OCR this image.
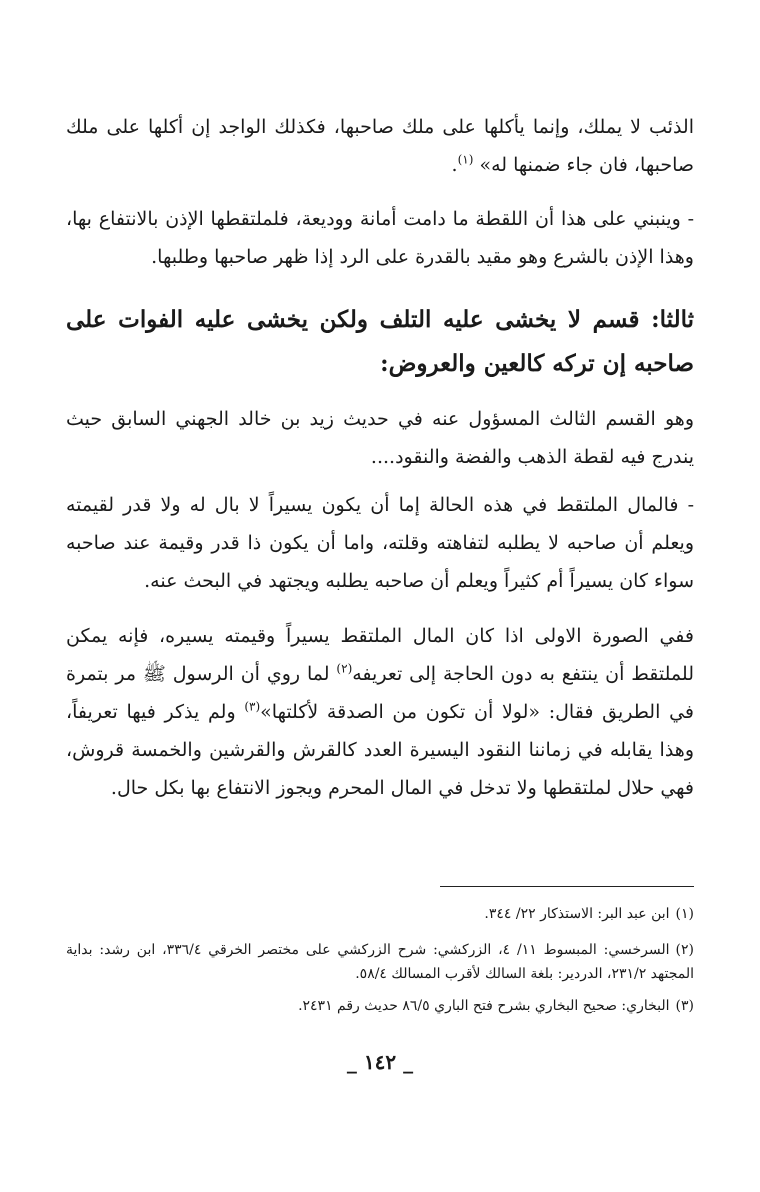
الذئب لا يملك، وإنما يأكلها على ملك صاحبها، فكذلك الواجد إن أكلها على ملك صاحبها، فان جاء ضمنها له» $^{(١)}$.

- وينبني على هذا أن اللقطة ما دامت أمانة ووديعة، فلملتقطها الإذن بالانتفاع بها، وهذا الإذن بالشرع وهو مقيد بالقدرة على الرد إذا ظهر صاحبها وطلبها.

ثالثا: قسم لا يخشى عليه التلف ولكن يخشى عليه الفوات على صاحبه إن تركه كالعين والعروض:

وهو القسم الثالث المسؤول عنه في حديث زيد بن خالد الجهني السابق حيث يندرج فيه لقطة الذهب والفضة والنقود....

- فالمال الملتقط في هذه الحالة إما أن يكون يسيراً لا بال له ولا قدر لقيمته ويعلم أن صاحبه لا يطلبه لتفاهته وقلته، واما أن يكون ذا قدر وقيمة عند صاحبه سواء كان يسيراً أم كثيراً ويعلم أن صاحبه يطلبه ويجتهد في البحث عنه.

ففي الصورة الاولى اذا كان المال الملتقط يسيراً وقيمته يسيره، فإنه يمكن للملتقط أن ينتفع به دون الحاجة إلى تعريفه$^{(٢)}$ لما روي أن الرسول ﷺ مر بتمرة في الطريق فقال: «لولا أن تكون من الصدقة لأكلتها»$^{(٣)}$ ولم يذكر فيها تعريفاً، وهذا يقابله في زماننا النقود اليسيرة العدد كالقرش والقرشين والخمسة قروش، فهي حلال لملتقطها ولا تدخل في المال المحرم ويجوز الانتفاع بها بكل حال.

(١)ابن عبد البر: الاستذكار ٢٢/ ٣٤٤.

(٢)السرخسي: المبسوط ١١/ ٤، الزركشي: شرح الزركشي على مختصر الخرقي ٣٣٦/٤، ابن رشد: بداية المجتهد ٢٣١/٢، الدردير: بلغة السالك لأقرب المسالك ٥٨/٤.

(٣)البخاري: صحيح البخاري بشرح فتح الباري ٨٦/٥ حديث رقم ٢٤٣١.

_ ١٤٢ _
